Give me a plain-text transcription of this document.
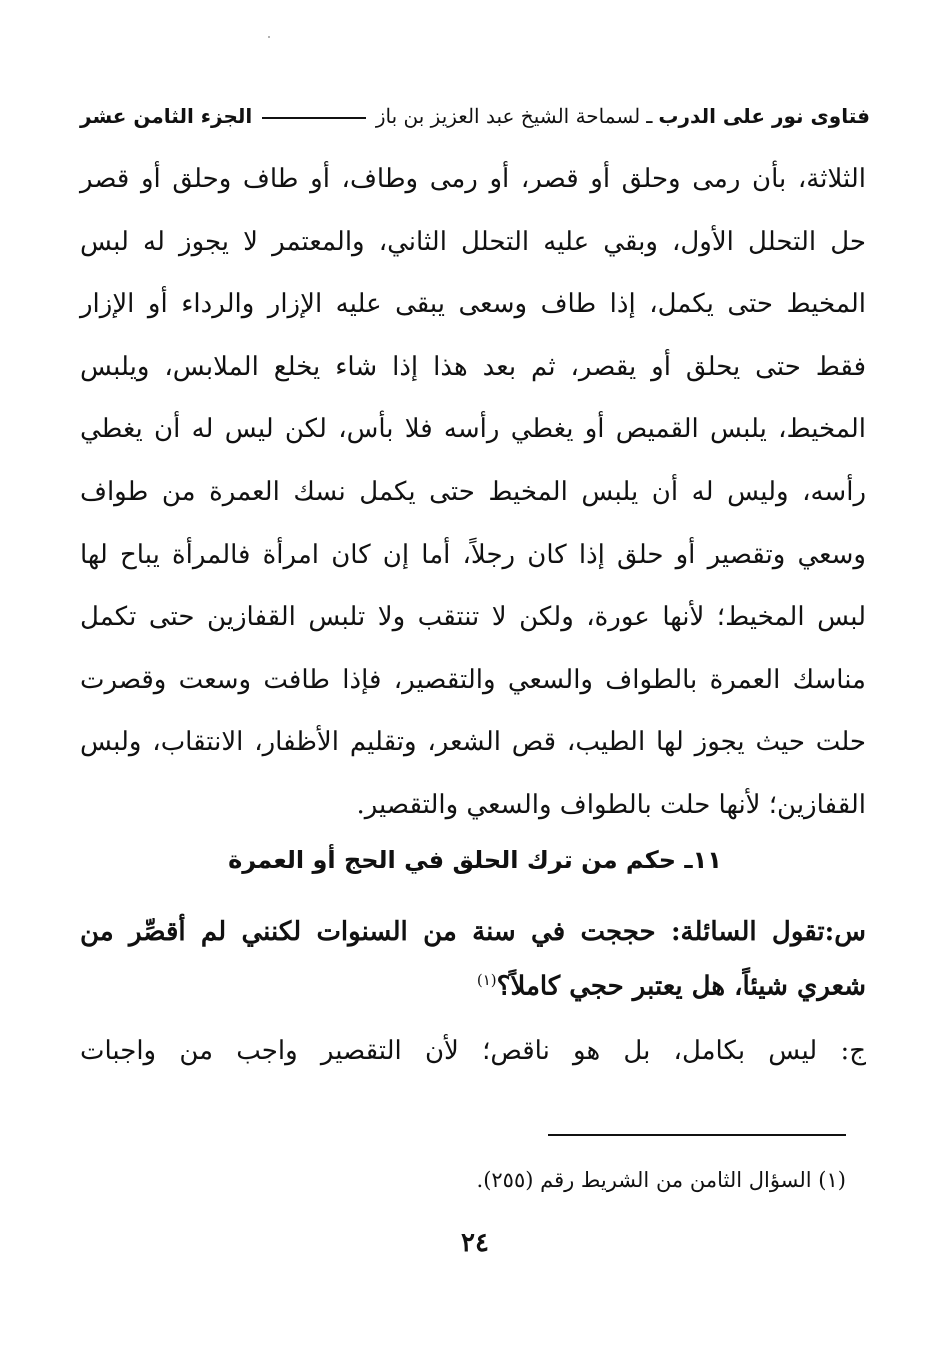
فتاوى نور على الدرب
ـ
لسماحة الشيخ عبد العزيز بن باز
الجزء الثامن عشر
الثلاثة، بأن رمى وحلق أو قصر، أو رمى وطاف، أو طاف وحلق أو قصر حل التحلل الأول، وبقي عليه التحلل الثاني، والمعتمر لا يجوز له لبس المخيط حتى يكمل، إذا طاف وسعى يبقى عليه الإزار والرداء أو الإزار فقط حتى يحلق أو يقصر، ثم بعد هذا إذا شاء يخلع الملابس، ويلبس المخيط، يلبس القميص أو يغطي رأسه فلا بأس، لكن ليس له أن يغطي رأسه، وليس له أن يلبس المخيط حتى يكمل نسك العمرة من طواف وسعي وتقصير أو حلق إذا كان رجلاً، أما إن كان امرأة فالمرأة يباح لها لبس المخيط؛ لأنها عورة، ولكن لا تنتقب ولا تلبس القفازين حتى تكمل مناسك العمرة بالطواف والسعي والتقصير، فإذا طافت وسعت وقصرت حلت حيث يجوز لها الطيب، قص الشعر، وتقليم الأظفار، الانتقاب، ولبس القفازين؛ لأنها حلت بالطواف والسعي والتقصير.
١١ـ حكم من ترك الحلق في الحج أو العمرة
س:تقول السائلة: حججت في سنة من السنوات لكنني لم أقصِّر من شعري شيئاً، هل يعتبر حجي كاملاً؟$^{(١)}$
ج: ليس بكامل، بل هو ناقص؛ لأن التقصير واجب من واجبات
(١) السؤال الثامن من الشريط رقم (٢٥٥).
٢٤
